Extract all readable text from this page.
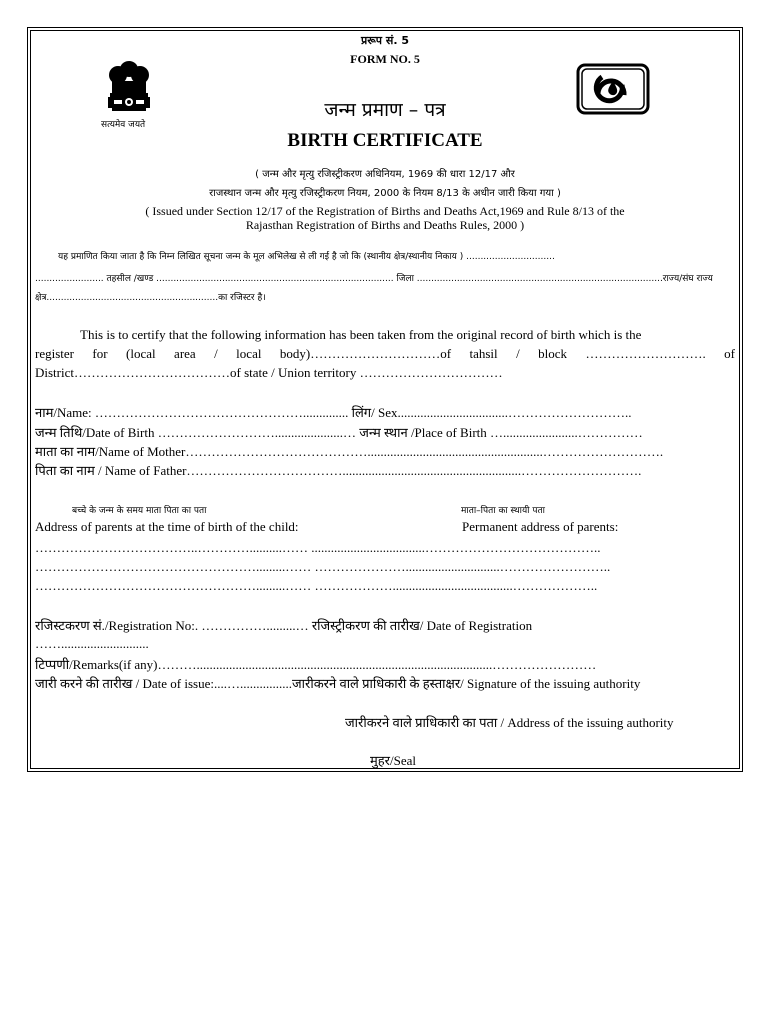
प्ररूप सं. 5
FORM NO. 5
सत्यमेव जयते
जन्म प्रमाण – पत्र
BIRTH CERTIFICATE
( जन्म और मृत्यु रजिस्ट्रीकरण अधिनियम, 1969 की धारा 12/17 और
राजस्थान जन्म और मृत्यु रजिस्ट्रीकरण नियम, 2000 के नियम 8/13 के अधीन जारी किया गया )
( Issued under Section 12/17 of the Registration of Births and Deaths Act,1969 and Rule 8/13 of the
Rajasthan Registration of Births and Deaths Rules, 2000 )
यह प्रमाणित किया जाता है कि निम्न लिखित सूचना जन्म के मूल अभिलेख से ली गई है जो कि (स्थानीय क्षेत्र/स्थानीय निकाय ) ...............................
........................ तहसील /खण्ड ................................................................................... जिला ......................................................................................राज्य/संघ राज्य
क्षेत्र............................................................का रजिस्टर है।
This is to certify that the following information has been taken from the original record of birth which is the
register for (local area / local body)…………………………of tahsil / block ………………………. of
District………………………………of state / Union territory ……………………………
नाम/Name: ………………………………………….............. लिंग/ Sex..................................………………………..
जन्म तिथि/Date of Birth ……………………….....................… जन्म स्थान /Place of Birth ….......................……………
माता का नाम/Name of Mother……………………………………......................................................……………………….
पिता का नाम / Name of Father……………………………….......................................................……………………….
बच्चे के जन्म के समय माता पिता का पता	माता–पिता का स्थायी पता
Address of parents at the time of birth of the child:	Permanent address of parents:
………………………………..…………..........…… ...................................…………………………………..
…………………………………………….........…… ………………….............................……………………..
…………………………………………….........…… ……………….....................................………………..
रजिस्टकरण सं./Registration No:. …………….........… रजिस्ट्रीकरण की तारीख/ Date of Registration
……...........................
टिप्पणी/Remarks(if any)………...........................................................................................……………………
जारी करने की तारीख / Date of issue:....…................जारीकरने वाले प्राधिकारी के हस्ताक्षर/ Signature of the issuing authority
जारीकरने वाले प्राधिकारी का पता / Address of the issuing authority
मुहर/Seal
